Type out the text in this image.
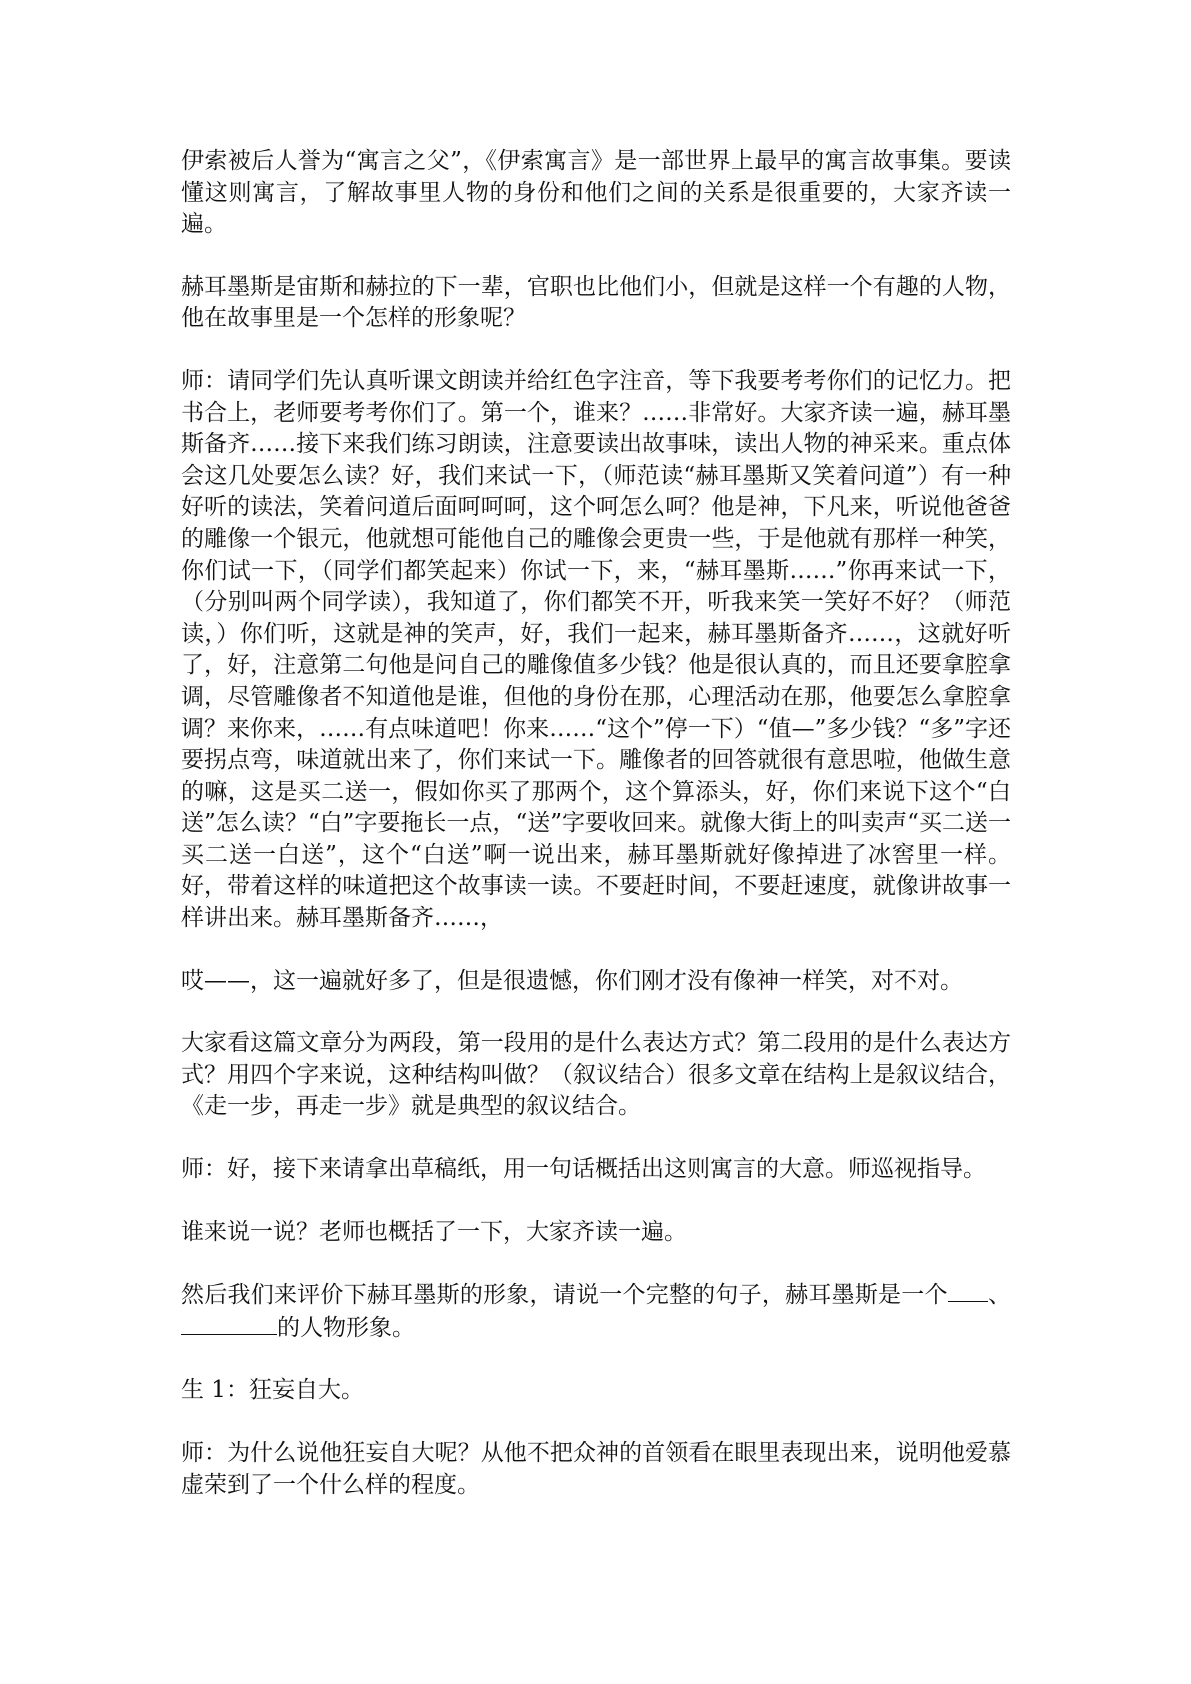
伊索被后人誉为“寓言之父”，《伊索寓言》是一部世界上最早的寓言故事集。要读懂这则寓言，了解故事里人物的身份和他们之间的关系是很重要的，大家齐读一遍。

赫耳墨斯是宙斯和赫拉的下一辈，官职也比他们小，但就是这样一个有趣的人物，他在故事里是一个怎样的形象呢？

师：请同学们先认真听课文朗读并给红色字注音，等下我要考考你们的记忆力。把书合上，老师要考考你们了。第一个，谁来？……非常好。大家齐读一遍，赫耳墨斯备齐……接下来我们练习朗读，注意要读出故事味，读出人物的神采来。重点体会这几处要怎么读？好，我们来试一下，（师范读“赫耳墨斯又笑着问道”）有一种好听的读法，笑着问道后面呵呵呵，这个呵怎么呵？他是神，下凡来，听说他爸爸的雕像一个银元，他就想可能他自己的雕像会更贵一些，于是他就有那样一种笑，你们试一下，（同学们都笑起来）你试一下，来，“赫耳墨斯……”你再来试一下，（分别叫两个同学读），我知道了，你们都笑不开，听我来笑一笑好不好？（师范读，）你们听，这就是神的笑声，好，我们一起来，赫耳墨斯备齐……，这就好听了，好，注意第二句他是问自己的雕像值多少钱？他是很认真的，而且还要拿腔拿调，尽管雕像者不知道他是谁，但他的身份在那，心理活动在那，他要怎么拿腔拿调？来你来，……有点味道吧！你来……“这个”停一下）“值—”多少钱？“多”字还要拐点弯，味道就出来了，你们来试一下。雕像者的回答就很有意思啦，他做生意的嘛，这是买二送一，假如你买了那两个，这个算添头，好，你们来说下这个“白送”怎么读？“白”字要拖长一点，“送”字要收回来。就像大街上的叫卖声“买二送一买二送一白送”，这个“白送”啊一说出来，赫耳墨斯就好像掉进了冰窖里一样。好，带着这样的味道把这个故事读一读。不要赶时间，不要赶速度，就像讲故事一样讲出来。赫耳墨斯备齐……，

哎——，这一遍就好多了，但是很遗憾，你们刚才没有像神一样笑，对不对。

大家看这篇文章分为两段，第一段用的是什么表达方式？第二段用的是什么表达方式？用四个字来说，这种结构叫做？（叙议结合）很多文章在结构上是叙议结合，《走一步，再走一步》就是典型的叙议结合。

师：好，接下来请拿出草稿纸，用一句话概括出这则寓言的大意。师巡视指导。

谁来说一说？老师也概括了一下，大家齐读一遍。

然后我们来评价下赫耳墨斯的形象，请说一个完整的句子，赫耳墨斯是一个 、的人物形象。

生 1：狂妄自大。

师：为什么说他狂妄自大呢？从他不把众神的首领看在眼里表现出来，说明他爱慕虚荣到了一个什么样的程度。
